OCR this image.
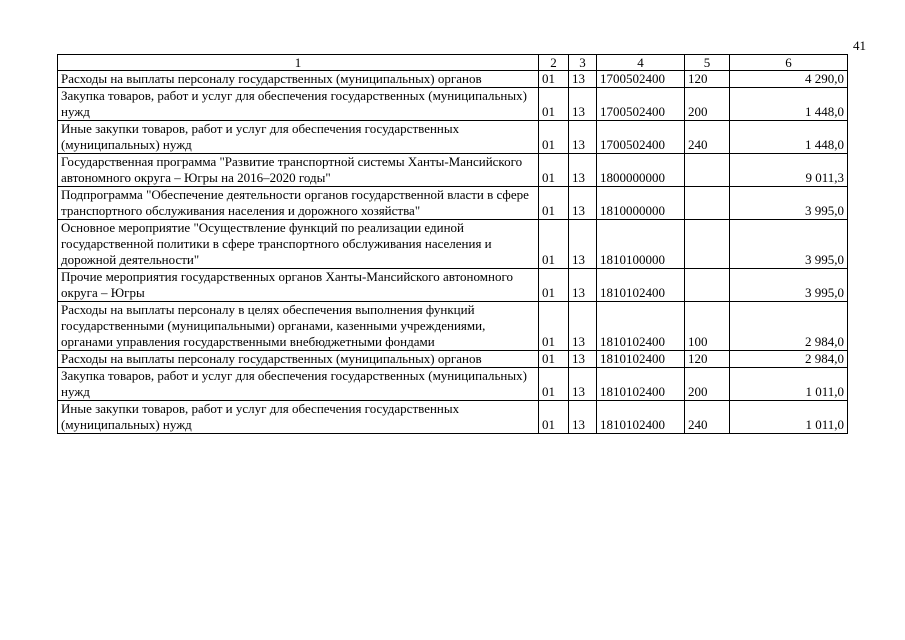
41
1	2	3	4	5	6
Расходы на выплаты персоналу государственных (муниципальных) органов	01	13	1700502400	120	4 290,0
Закупка товаров, работ и услуг для обеспечения государственных (муниципальных) нужд	01	13	1700502400	200	1 448,0
Иные закупки товаров, работ и услуг для обеспечения государственных (муниципальных) нужд	01	13	1700502400	240	1 448,0
Государственная программа "Развитие транспортной системы Ханты-Мансийского автономного округа – Югры на 2016–2020 годы"	01	13	1800000000		9 011,3
Подпрограмма "Обеспечение деятельности органов государственной власти в сфере транспортного обслуживания населения и дорожного хозяйства"	01	13	1810000000		3 995,0
Основное мероприятие "Осуществление функций по реализации единой государственной политики в сфере транспортного обслуживания населения и дорожной деятельности"	01	13	1810100000		3 995,0
Прочие мероприятия государственных органов Ханты-Мансийского автономного округа – Югры	01	13	1810102400		3 995,0
Расходы на выплаты персоналу в целях обеспечения выполнения функций государственными (муниципальными) органами, казенными учреждениями, органами управления государственными внебюджетными фондами	01	13	1810102400	100	2 984,0
Расходы на выплаты персоналу государственных (муниципальных) органов	01	13	1810102400	120	2 984,0
Закупка товаров, работ и услуг для обеспечения государственных (муниципальных) нужд	01	13	1810102400	200	1 011,0
Иные закупки товаров, работ и услуг для обеспечения государственных (муниципальных) нужд	01	13	1810102400	240	1 011,0
